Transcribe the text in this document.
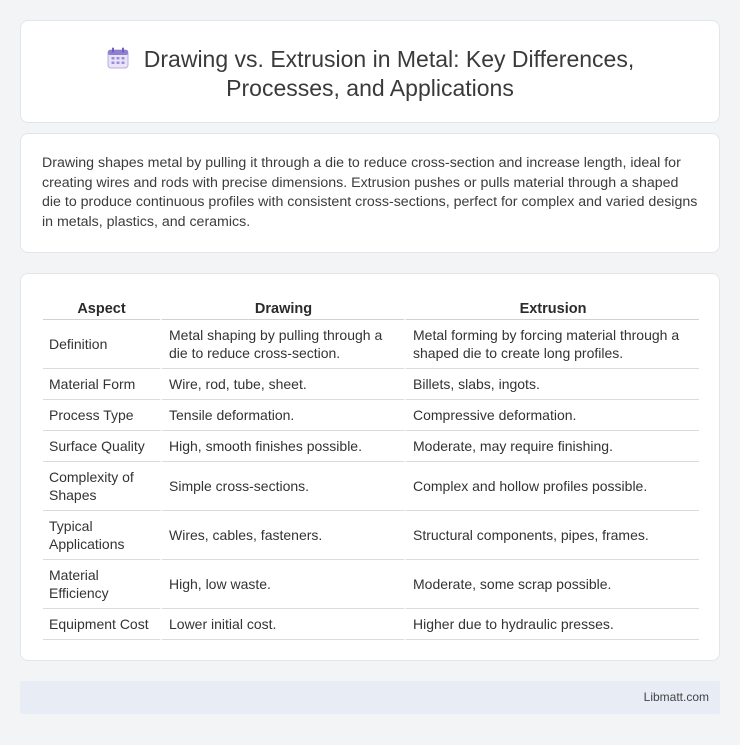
Drawing vs. Extrusion in Metal: Key Differences,
Processes, and Applications

Drawing shapes metal by pulling it through a die to reduce cross-section and increase length, ideal for creating wires and rods with precise dimensions. Extrusion pushes or pulls material through a shaped die to produce continuous profiles with consistent cross-sections, perfect for complex and varied designs in metals, plastics, and ceramics.

Aspect	Drawing	Extrusion
Definition	Metal shaping by pulling through a die to reduce cross-section.	Metal forming by forcing material through a shaped die to create long profiles.
Material Form	Wire, rod, tube, sheet.	Billets, slabs, ingots.
Process Type	Tensile deformation.	Compressive deformation.
Surface Quality	High, smooth finishes possible.	Moderate, may require finishing.
Complexity of Shapes	Simple cross-sections.	Complex and hollow profiles possible.
Typical Applications	Wires, cables, fasteners.	Structural components, pipes, frames.
Material Efficiency	High, low waste.	Moderate, some scrap possible.
Equipment Cost	Lower initial cost.	Higher due to hydraulic presses.
Libmatt.com
